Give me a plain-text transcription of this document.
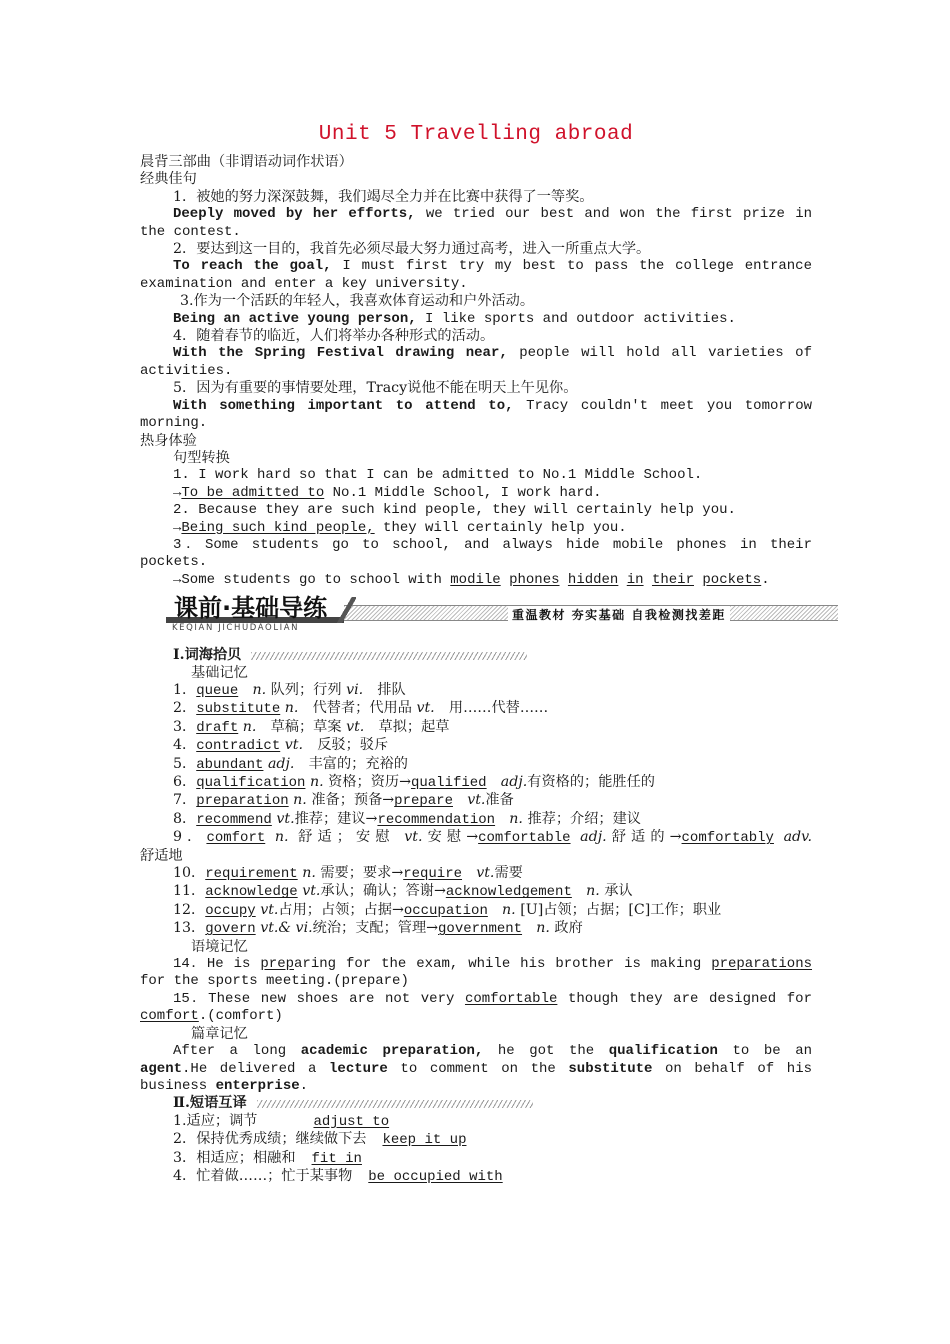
Unit 5 Travelling abroad
晨背三部曲（非谓语动词作状语）
经典佳句
1．被她的努力深深鼓舞，我们竭尽全力并在比赛中获得了一等奖。
Deeply moved by her efforts, we tried our best and won the first prize in
the contest.
2．要达到这一目的，我首先必须尽最大努力通过高考，进入一所重点大学。
To reach the goal, I must first try my best to pass the college entrance
examination and enter a key university.
3.作为一个活跃的年轻人，我喜欢体育运动和户外活动。
Being an active young person, I like sports and outdoor activities.
4．随着春节的临近，人们将举办各种形式的活动。
With the Spring Festival drawing near, people will hold all varieties of
activities.
5．因为有重要的事情要处理，Tracy说他不能在明天上午见你。
With something important to attend to, Tracy couldn't meet you tomorrow
morning.
热身体验
句型转换
1. I work hard so that I can be admitted to No.1 Middle School.
→To be admitted to No.1 Middle School, I work hard.
2. Because they are such kind people, they will certainly help you.
→Being such kind people, they will certainly help you.
3．Some students go to school, and always hide mobile phones in their
pockets.
→Some students go to school with modile phones hidden in their pockets.
课前·基础导练
KEQIAN JICHUDAOLIAN
重温教材 夯实基础 自我检测找差距
Ⅰ.词海拾贝
基础记忆
1．queue　 n. 队列；行列 vi.　 排队
2．substitute n.　 代替者；代用品 vt.　 用……代替……
3．draft n.　 草稿；草案 vt.　 草拟；起草
4．contradict vt.　 反驳；驳斥
5．abundant adj.　 丰富的；充裕的
6．qualification n. 资格；资历→qualified　 adj.有资格的；能胜任的
7．preparation n. 准备；预备→prepare　 vt.准备
8．recommend vt.推荐；建议→recommendation　 n. 推荐；介绍；建议
9．comfort n. 舒适；安慰 vt.安慰→comfortable adj.舒适的→comfortably adv.
舒适地
10．requirement n. 需要；要求→require　 vt.需要
11．acknowledge vt.承认；确认；答谢→acknowledgement　 n. 承认
12．occupy vt.占用；占领；占据→occupation　 n. [U]占领；占据；[C]工作；职业
13．govern vt.& vi.统治；支配；管理→government　 n. 政府
语境记忆
14．He is preparing for the exam, while his brother is making preparations
for the sports meeting.(prepare)
15．These new shoes are not very comfortable though they are designed for
comfort.(comfort)
篇章记忆
After a long academic preparation, he got the qualification to be an
agent.He delivered a lecture to comment on the substitute on behalf of his
business enterprise.
Ⅱ.短语互译
1.适应；调节	adjust to
2．保持优秀成绩；继续做下去 keep it up
3．相适应；相融和 fit in
4．忙着做……；忙于某事物 be occupied with
